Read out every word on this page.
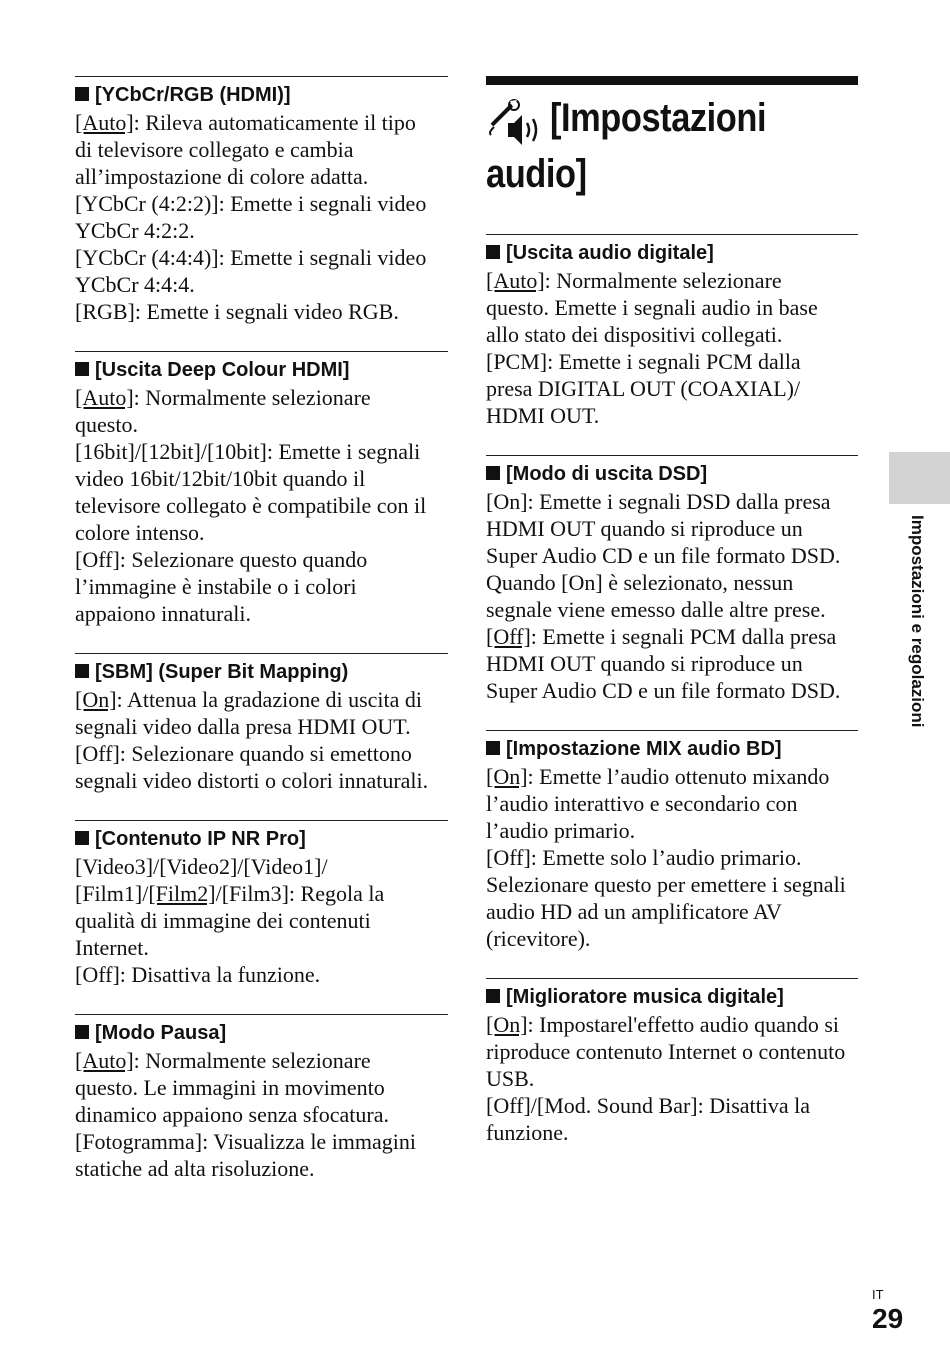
[YCbCr/RGB (HDMI)]
[Auto]: Rileva automaticamente il tipo
di televisore collegato e cambia
all’impostazione di colore adatta.
[YCbCr (4:2:2)]: Emette i segnali video
YCbCr 4:2:2.
[YCbCr (4:4:4)]: Emette i segnali video
YCbCr 4:4:4.
[RGB]: Emette i segnali video RGB.
[Uscita Deep Colour HDMI]
[Auto]: Normalmente selezionare
questo.
[16bit]/[12bit]/[10bit]: Emette i segnali
video 16bit/12bit/10bit quando il
televisore collegato è compatibile con il
colore intenso.
[Off]: Selezionare questo quando
l’immagine è instabile o i colori
appaiono innaturali.
[SBM] (Super Bit Mapping)
[On]: Attenua la gradazione di uscita di
segnali video dalla presa HDMI OUT.
[Off]: Selezionare quando si emettono
segnali video distorti o colori innaturali.
[Contenuto IP NR Pro]
[Video3]/[Video2]/[Video1]/
[Film1]/[Film2]/[Film3]: Regola la
qualità di immagine dei contenuti
Internet.
[Off]: Disattiva la funzione.
[Modo Pausa]
[Auto]: Normalmente selezionare
questo. Le immagini in movimento
dinamico appaiono senza sfocatura.
[Fotogramma]: Visualizza le immagini
statiche ad alta risoluzione.
[Impostazioni
audio]
[Uscita audio digitale]
[Auto]: Normalmente selezionare
questo. Emette i segnali audio in base
allo stato dei dispositivi collegati.
[PCM]: Emette i segnali PCM dalla
presa DIGITAL OUT (COAXIAL)/
HDMI OUT.
[Modo di uscita DSD]
[On]: Emette i segnali DSD dalla presa
HDMI OUT quando si riproduce un
Super Audio CD e un file formato DSD.
Quando [On] è selezionato, nessun
segnale viene emesso dalle altre prese.
[Off]: Emette i segnali PCM dalla presa
HDMI OUT quando si riproduce un
Super Audio CD e un file formato DSD.
[Impostazione MIX audio BD]
[On]: Emette l’audio ottenuto mixando
l’audio interattivo e secondario con
l’audio primario.
[Off]: Emette solo l’audio primario.
Selezionare questo per emettere i segnali
audio HD ad un amplificatore AV
(ricevitore).
[Miglioratore musica digitale]
[On]: Impostarel'effetto audio quando si
riproduce contenuto Internet o contenuto
USB.
[Off]/[Mod. Sound Bar]: Disattiva la
funzione.
Impostazioni e regolazioni
IT
29
